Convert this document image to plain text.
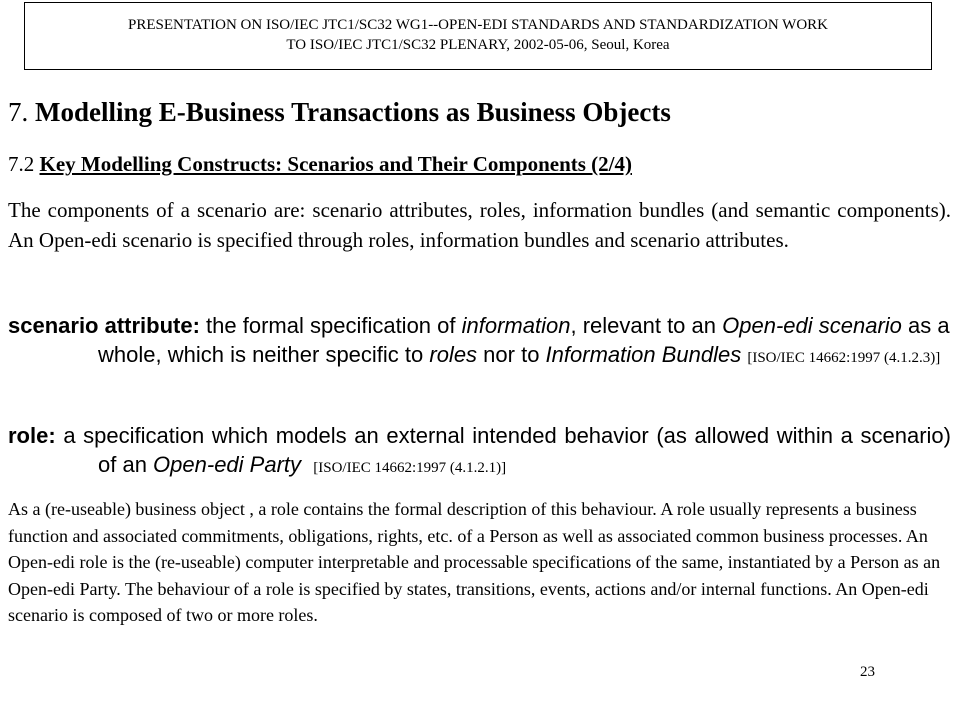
PRESENTATION ON ISO/IEC JTC1/SC32 WG1--OPEN-EDI STANDARDS AND STANDARDIZATION WORK
TO ISO/IEC JTC1/SC32 PLENARY, 2002-05-06, Seoul, Korea
7. Modelling E-Business Transactions as Business Objects
7.2 Key Modelling Constructs: Scenarios and Their Components (2/4)
The components of a scenario are: scenario attributes, roles, information bundles (and semantic components). An Open-edi scenario is specified through roles, information bundles and scenario attributes.
scenario attribute: the formal specification of information, relevant to an Open-edi scenario as a whole, which is neither specific to roles nor to Information Bundles [ISO/IEC 14662:1997 (4.1.2.3)]
role: a specification which models an external intended behavior (as allowed within a scenario) of an Open-edi Party [ISO/IEC 14662:1997 (4.1.2.1)]
As a (re-useable) business object , a role contains the formal description of this behaviour. A role usually represents a business function and associated commitments, obligations, rights, etc. of a Person as well as associated common business processes. An Open-edi role is the (re-useable) computer interpretable and processable specifications of the same, instantiated by a Person as an Open-edi Party. The behaviour of a role is specified by states, transitions, events, actions and/or internal functions. An Open-edi scenario is composed of two or more roles.
23
